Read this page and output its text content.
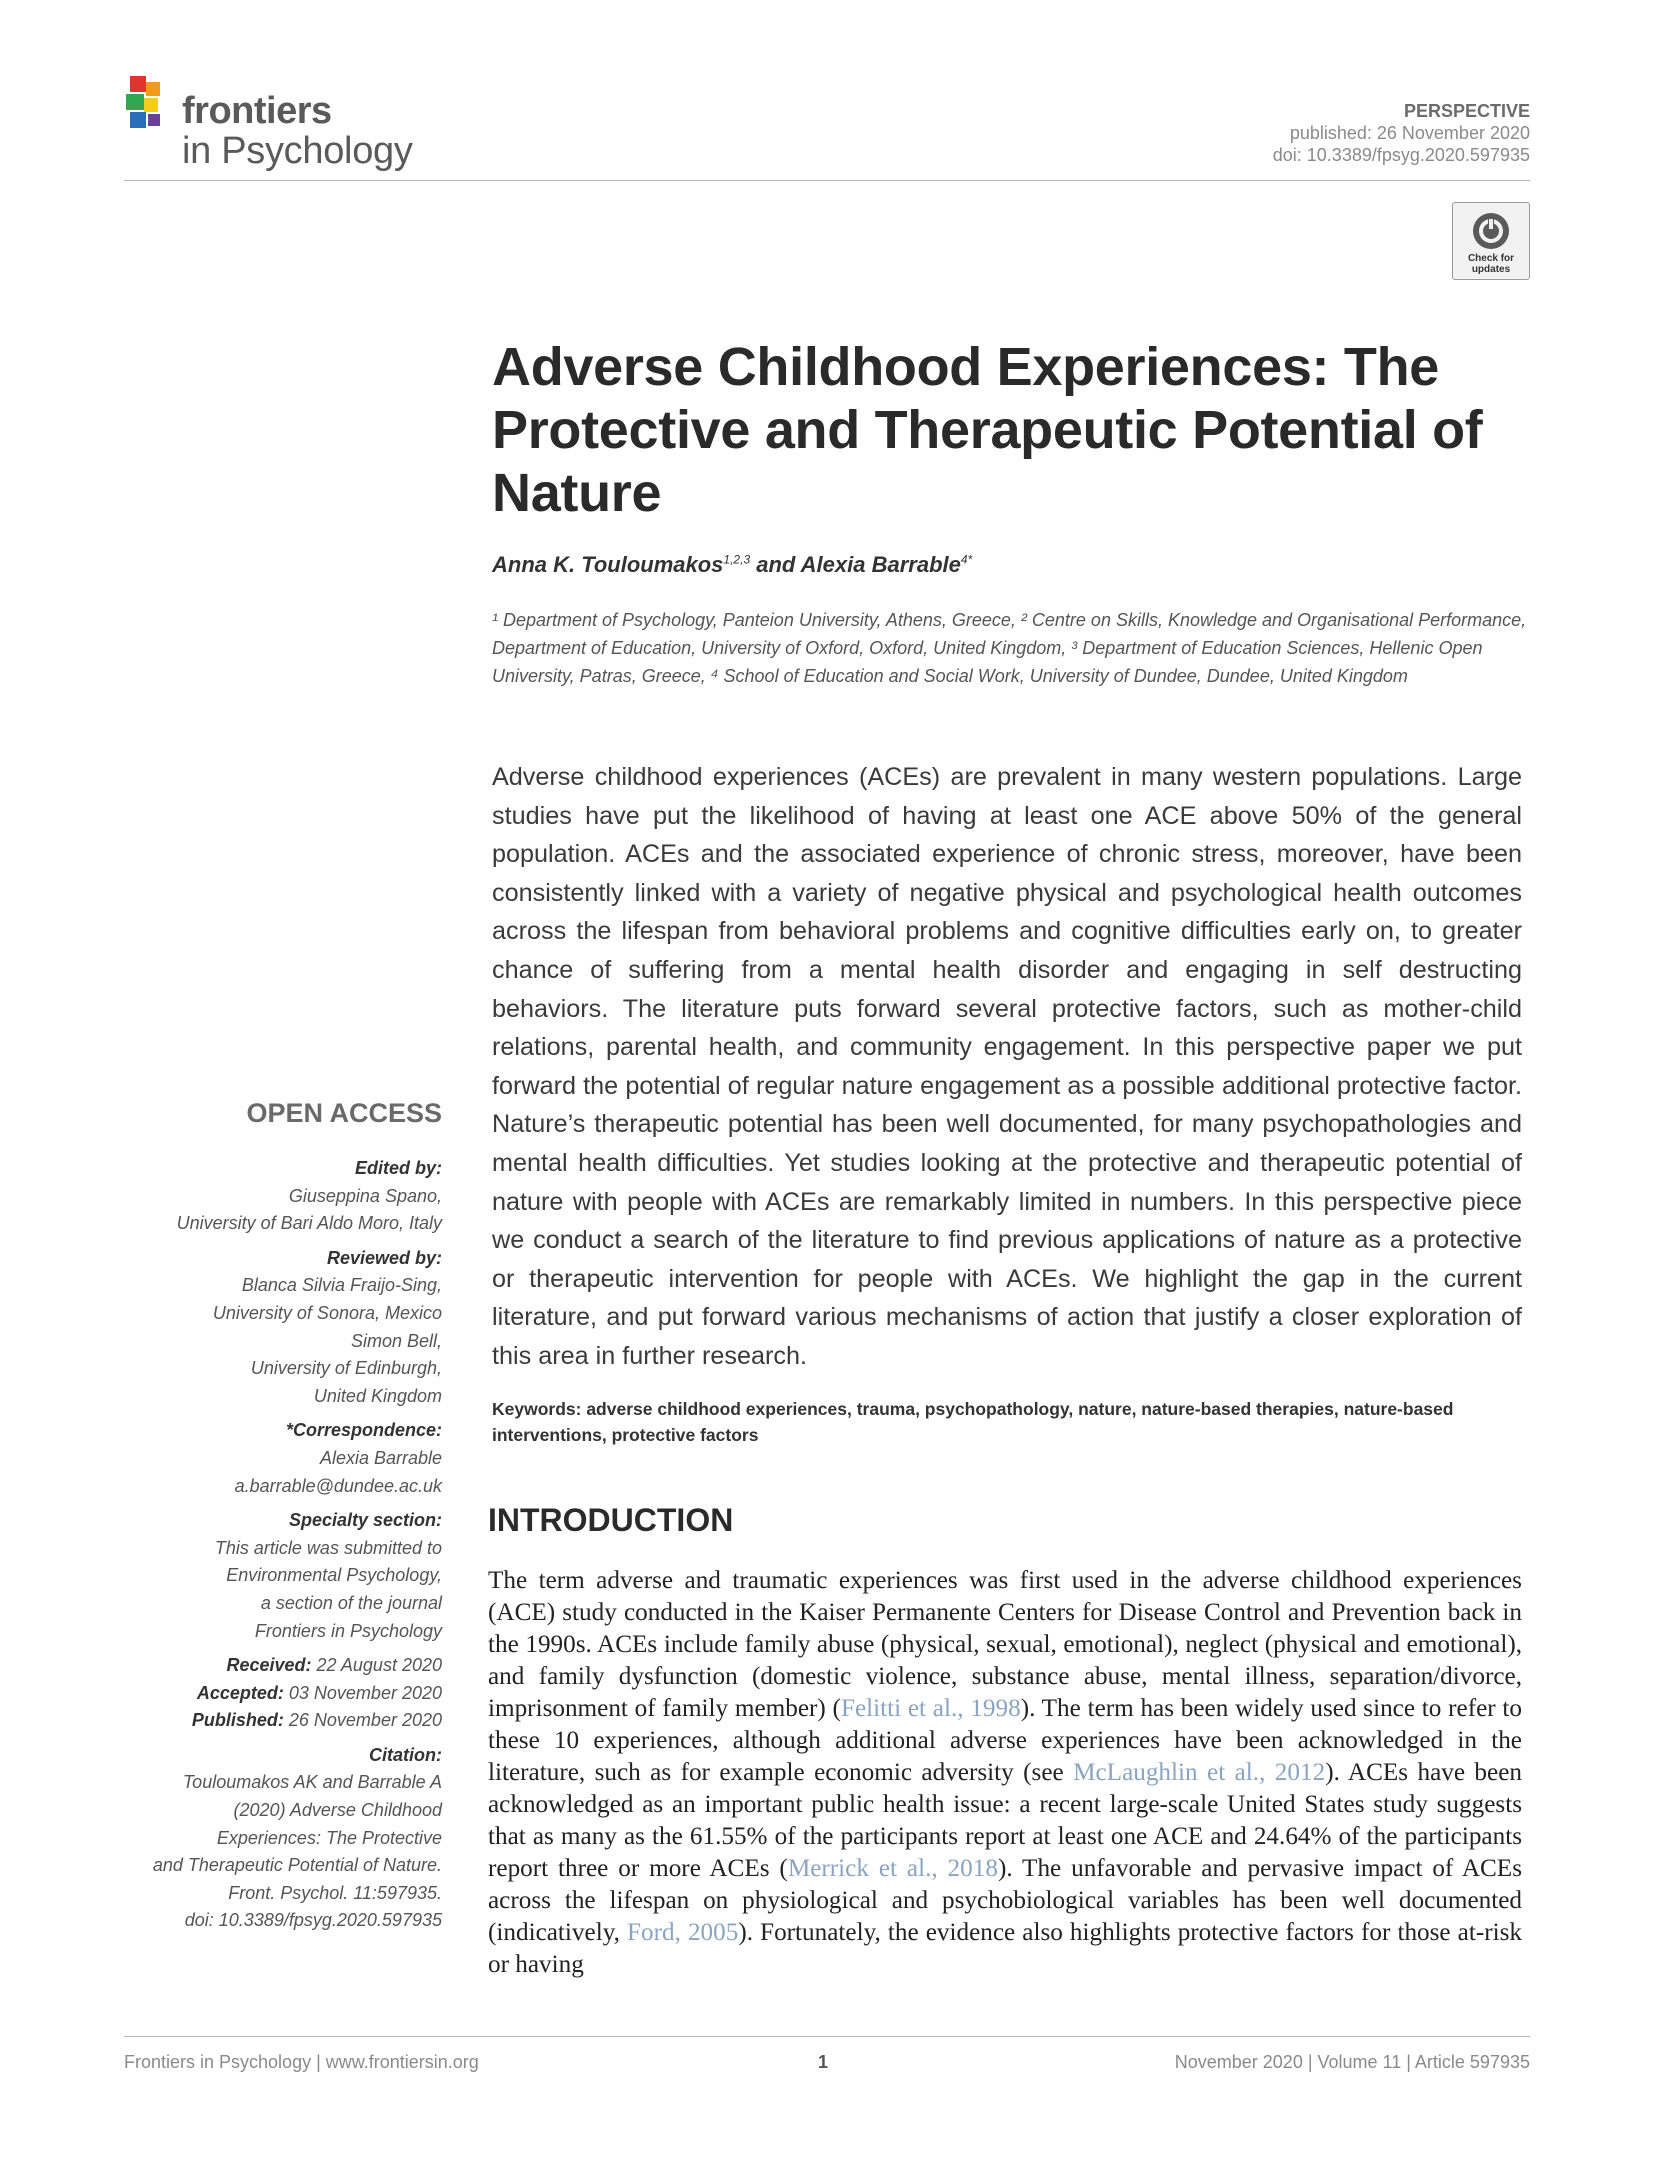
frontiers
in Psychology
PERSPECTIVE
published: 26 November 2020
doi: 10.3389/fpsyg.2020.597935
Check for
updates
Adverse Childhood Experiences: The Protective and Therapeutic Potential of Nature
Anna K. Touloumakos$^{1,2,3}$ and Alexia Barrable$^{4*}$
¹ Department of Psychology, Panteion University, Athens, Greece, ² Centre on Skills, Knowledge and Organisational Performance, Department of Education, University of Oxford, Oxford, United Kingdom, ³ Department of Education Sciences, Hellenic Open University, Patras, Greece, ⁴ School of Education and Social Work, University of Dundee, Dundee, United Kingdom
Adverse childhood experiences (ACEs) are prevalent in many western populations. Large studies have put the likelihood of having at least one ACE above 50% of the general population. ACEs and the associated experience of chronic stress, moreover, have been consistently linked with a variety of negative physical and psychological health outcomes across the lifespan from behavioral problems and cognitive difficulties early on, to greater chance of suffering from a mental health disorder and engaging in self destructing behaviors. The literature puts forward several protective factors, such as mother-child relations, parental health, and community engagement. In this perspective paper we put forward the potential of regular nature engagement as a possible additional protective factor. Nature’s therapeutic potential has been well documented, for many psychopathologies and mental health difficulties. Yet studies looking at the protective and therapeutic potential of nature with people with ACEs are remarkably limited in numbers. In this perspective piece we conduct a search of the literature to find previous applications of nature as a protective or therapeutic intervention for people with ACEs. We highlight the gap in the current literature, and put forward various mechanisms of action that justify a closer exploration of this area in further research.
Keywords: adverse childhood experiences, trauma, psychopathology, nature, nature-based therapies, nature-based interventions, protective factors
INTRODUCTION
The term adverse and traumatic experiences was first used in the adverse childhood experiences (ACE) study conducted in the Kaiser Permanente Centers for Disease Control and Prevention back in the 1990s. ACEs include family abuse (physical, sexual, emotional), neglect (physical and emotional), and family dysfunction (domestic violence, substance abuse, mental illness, separation/divorce, imprisonment of family member) (Felitti et al., 1998). The term has been widely used since to refer to these 10 experiences, although additional adverse experiences have been acknowledged in the literature, such as for example economic adversity (see McLaughlin et al., 2012). ACEs have been acknowledged as an important public health issue: a recent large-scale United States study suggests that as many as the 61.55% of the participants report at least one ACE and 24.64% of the participants report three or more ACEs (Merrick et al., 2018). The unfavorable and pervasive impact of ACEs across the lifespan on physiological and psychobiological variables has been well documented (indicatively, Ford, 2005). Fortunately, the evidence also highlights protective factors for those at-risk or having
OPEN ACCESS
Edited by:
Giuseppina Spano,
University of Bari Aldo Moro, Italy
Reviewed by:
Blanca Silvia Fraijo-Sing,
University of Sonora, Mexico
Simon Bell,
University of Edinburgh,
United Kingdom
*Correspondence:
Alexia Barrable
a.barrable@dundee.ac.uk
Specialty section:
This article was submitted to
Environmental Psychology,
a section of the journal
Frontiers in Psychology
Received: 22 August 2020
Accepted: 03 November 2020
Published: 26 November 2020
Citation:
Touloumakos AK and Barrable A
(2020) Adverse Childhood
Experiences: The Protective
and Therapeutic Potential of Nature.
Front. Psychol. 11:597935.
doi: 10.3389/fpsyg.2020.597935
Frontiers in Psychology | www.frontiersin.org	1	November 2020 | Volume 11 | Article 597935
